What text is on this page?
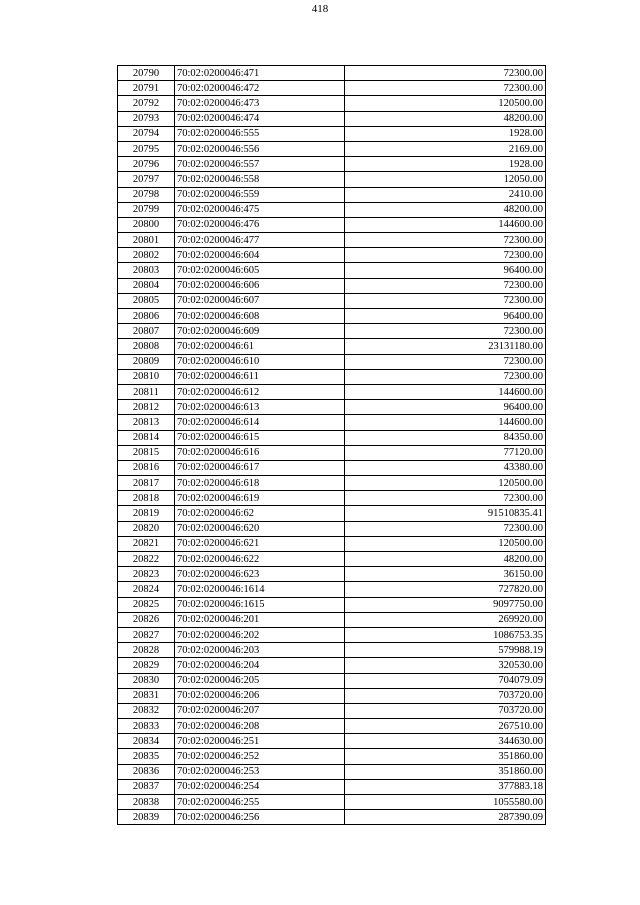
418
20790	70:02:0200046:471	72300.00
20791	70:02:0200046:472	72300.00
20792	70:02:0200046:473	120500.00
20793	70:02:0200046:474	48200.00
20794	70:02:0200046:555	1928.00
20795	70:02:0200046:556	2169.00
20796	70:02:0200046:557	1928.00
20797	70:02:0200046:558	12050.00
20798	70:02:0200046:559	2410.00
20799	70:02:0200046:475	48200.00
20800	70:02:0200046:476	144600.00
20801	70:02:0200046:477	72300.00
20802	70:02:0200046:604	72300.00
20803	70:02:0200046:605	96400.00
20804	70:02:0200046:606	72300.00
20805	70:02:0200046:607	72300.00
20806	70:02:0200046:608	96400.00
20807	70:02:0200046:609	72300.00
20808	70:02:0200046:61	23131180.00
20809	70:02:0200046:610	72300.00
20810	70:02:0200046:611	72300.00
20811	70:02:0200046:612	144600.00
20812	70:02:0200046:613	96400.00
20813	70:02:0200046:614	144600.00
20814	70:02:0200046:615	84350.00
20815	70:02:0200046:616	77120.00
20816	70:02:0200046:617	43380.00
20817	70:02:0200046:618	120500.00
20818	70:02:0200046:619	72300.00
20819	70:02:0200046:62	91510835.41
20820	70:02:0200046:620	72300.00
20821	70:02:0200046:621	120500.00
20822	70:02:0200046:622	48200.00
20823	70:02:0200046:623	36150.00
20824	70:02:0200046:1614	727820.00
20825	70:02:0200046:1615	9097750.00
20826	70:02:0200046:201	269920.00
20827	70:02:0200046:202	1086753.35
20828	70:02:0200046:203	579988.19
20829	70:02:0200046:204	320530.00
20830	70:02:0200046:205	704079.09
20831	70:02:0200046:206	703720.00
20832	70:02:0200046:207	703720.00
20833	70:02:0200046:208	267510.00
20834	70:02:0200046:251	344630.00
20835	70:02:0200046:252	351860.00
20836	70:02:0200046:253	351860.00
20837	70:02:0200046:254	377883.18
20838	70:02:0200046:255	1055580.00
20839	70:02:0200046:256	287390.09
